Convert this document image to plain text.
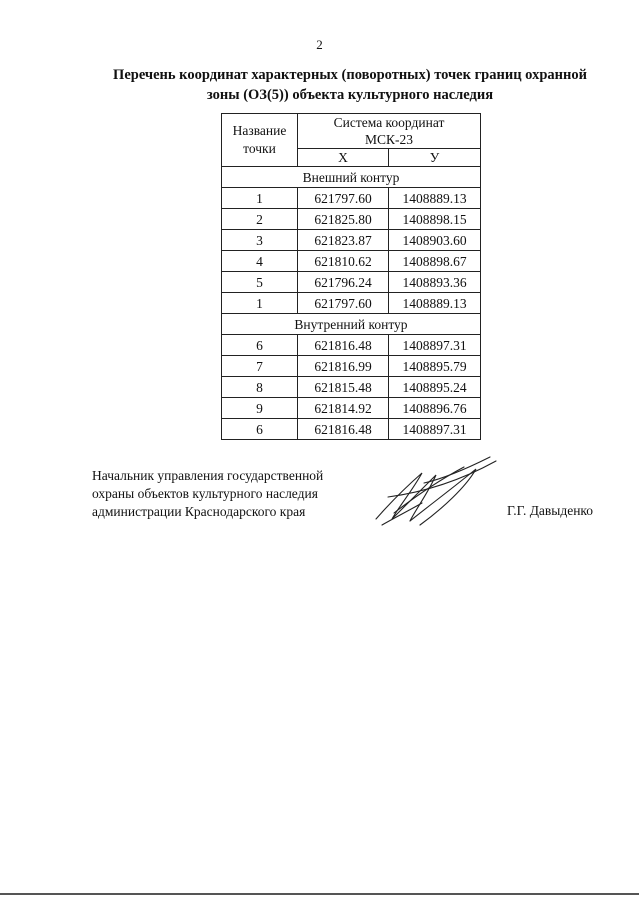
2
Перечень координат характерных (поворотных) точек границ охранной
зоны (ОЗ(5)) объекта культурного наследия
Название точки	Система координат
МСК-23	

	X	У
Внешний контур		
1	621797.60	1408889.13
2	621825.80	1408898.15
3	621823.87	1408903.60
4	621810.62	1408898.67
5	621796.24	1408893.36
1	621797.60	1408889.13
Внутренний контур		
6	621816.48	1408897.31
7	621816.99	1408895.79
8	621815.48	1408895.24
9	621814.92	1408896.76
6	621816.48	1408897.31
Начальник управления государственной
охраны объектов культурного наследия
администрации Краснодарского края	Г.Г. Давыденко
